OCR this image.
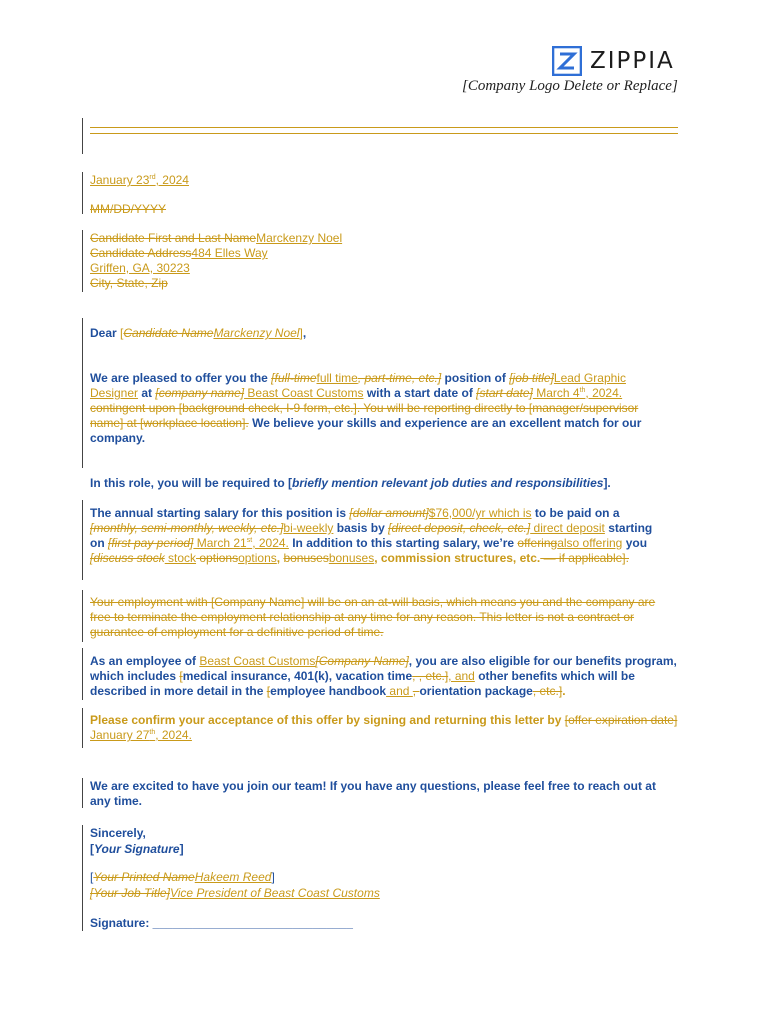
ZIPPIA
[Company Logo Delete or Replace]
January 23rd, 2024
MM/DD/YYYY
Candidate First and Last NameMarckenzy Noel
Candidate Address484 Elles Way
Griffen, GA, 30223
City, State, Zip
Dear [Candidate NameMarckenzy Noel],
We are pleased to offer you the [full-timefull time, part-time, etc.] position of [job title]Lead Graphic Designer at [company name] Beast Coast Customs with a start date of [start date] March 4th, 2024. contingent upon [background check, I-9 form, etc.]. You will be reporting directly to [manager/supervisor name] at [workplace location]. We believe your skills and experience are an excellent match for our company.
In this role, you will be required to [briefly mention relevant job duties and responsibilities].
The annual starting salary for this position is [dollar amount]$76,000/yr which is to be paid on a [monthly, semi-monthly, weekly, etc.]bi-weekly basis by [direct deposit, check, etc.] direct deposit starting on [first pay period] March 21st, 2024. In addition to this starting salary, we’re offeringalso offering you [discuss stock stock optionsoptions, bonusesbonuses, commission structures, etc. — if applicable].
Your employment with [Company Name] will be on an at-will basis, which means you and the company are free to terminate the employment relationship at any time for any reason. This letter is not a contract or guarantee of employment for a definitive period of time.
As an employee of Beast Coast Customs[Company Name], you are also eligible for our benefits program, which includes [medical insurance, 401(k), vacation time, , etc.], and other benefits which will be described in more detail in the [employee handbook and , orientation package, etc.].
Please confirm your acceptance of this offer by signing and returning this letter by [offer expiration date] January 27th, 2024.
We are excited to have you join our team! If you have any questions, please feel free to reach out at any time.
Sincerely,
[Your Signature]
[Your Printed NameHakeem Reed]
[Your Job Title]Vice President of Beast Coast Customs
Signature: ______________________________
